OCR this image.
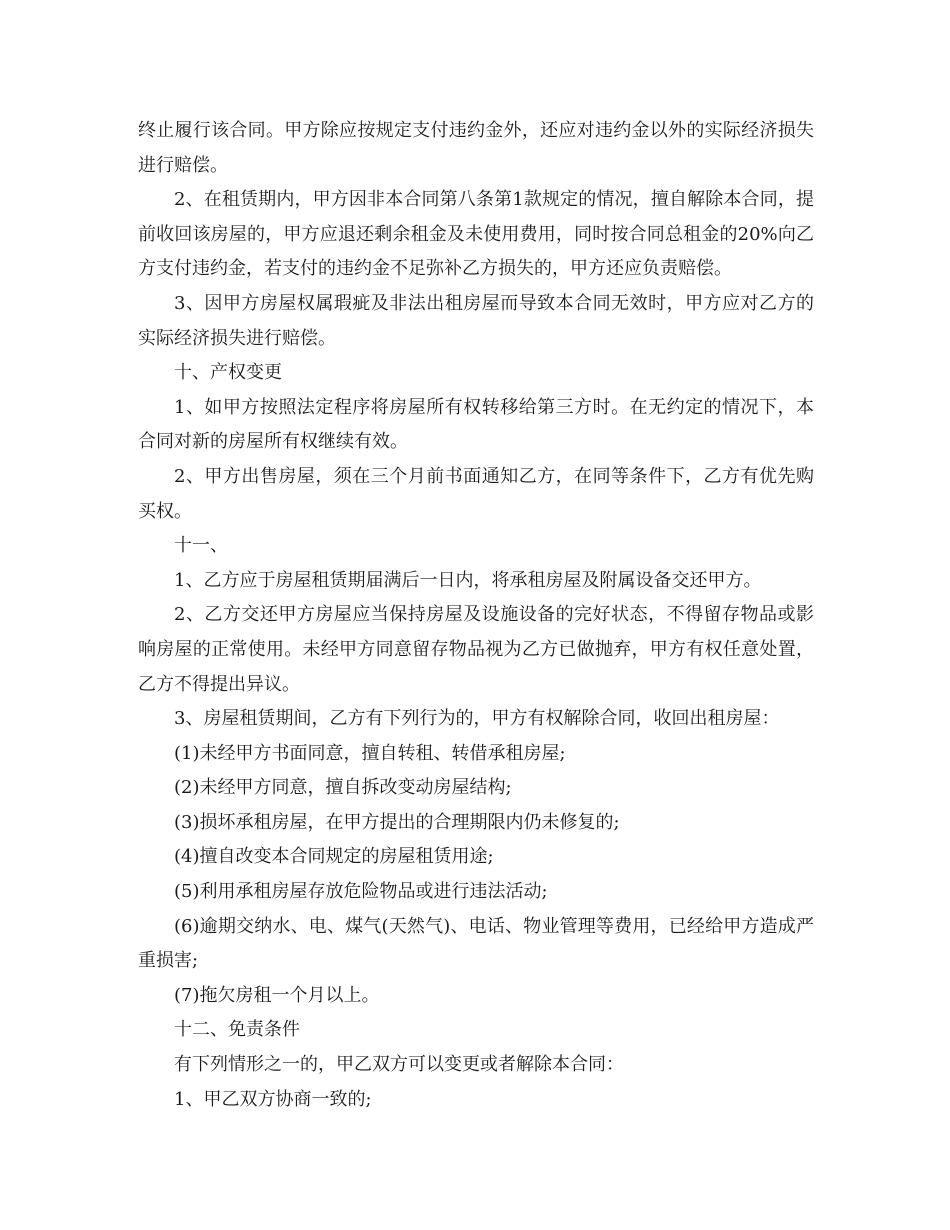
终止履行该合同。甲方除应按规定支付违约金外，还应对违约金以外的实际经济损失进行赔偿。

2、在租赁期内，甲方因非本合同第八条第1款规定的情况，擅自解除本合同，提前收回该房屋的，甲方应退还剩余租金及未使用费用，同时按合同总租金的20%向乙方支付违约金，若支付的违约金不足弥补乙方损失的，甲方还应负责赔偿。

3、因甲方房屋权属瑕疵及非法出租房屋而导致本合同无效时，甲方应对乙方的实际经济损失进行赔偿。

十、产权变更

1、如甲方按照法定程序将房屋所有权转移给第三方时。在无约定的情况下，本合同对新的房屋所有权继续有效。

2、甲方出售房屋，须在三个月前书面通知乙方，在同等条件下，乙方有优先购买权。

十一、

1、乙方应于房屋租赁期届满后一日内，将承租房屋及附属设备交还甲方。

2、乙方交还甲方房屋应当保持房屋及设施设备的完好状态，不得留存物品或影响房屋的正常使用。未经甲方同意留存物品视为乙方已做抛弃，甲方有权任意处置，乙方不得提出异议。

3、房屋租赁期间，乙方有下列行为的，甲方有权解除合同，收回出租房屋：

(1)未经甲方书面同意，擅自转租、转借承租房屋;

(2)未经甲方同意，擅自拆改变动房屋结构;

(3)损坏承租房屋，在甲方提出的合理期限内仍未修复的;

(4)擅自改变本合同规定的房屋租赁用途;

(5)利用承租房屋存放危险物品或进行违法活动;

(6)逾期交纳水、电、煤气(天然气)、电话、物业管理等费用，已经给甲方造成严重损害;

(7)拖欠房租一个月以上。

十二、免责条件

有下列情形之一的，甲乙双方可以变更或者解除本合同：

1、甲乙双方协商一致的;
